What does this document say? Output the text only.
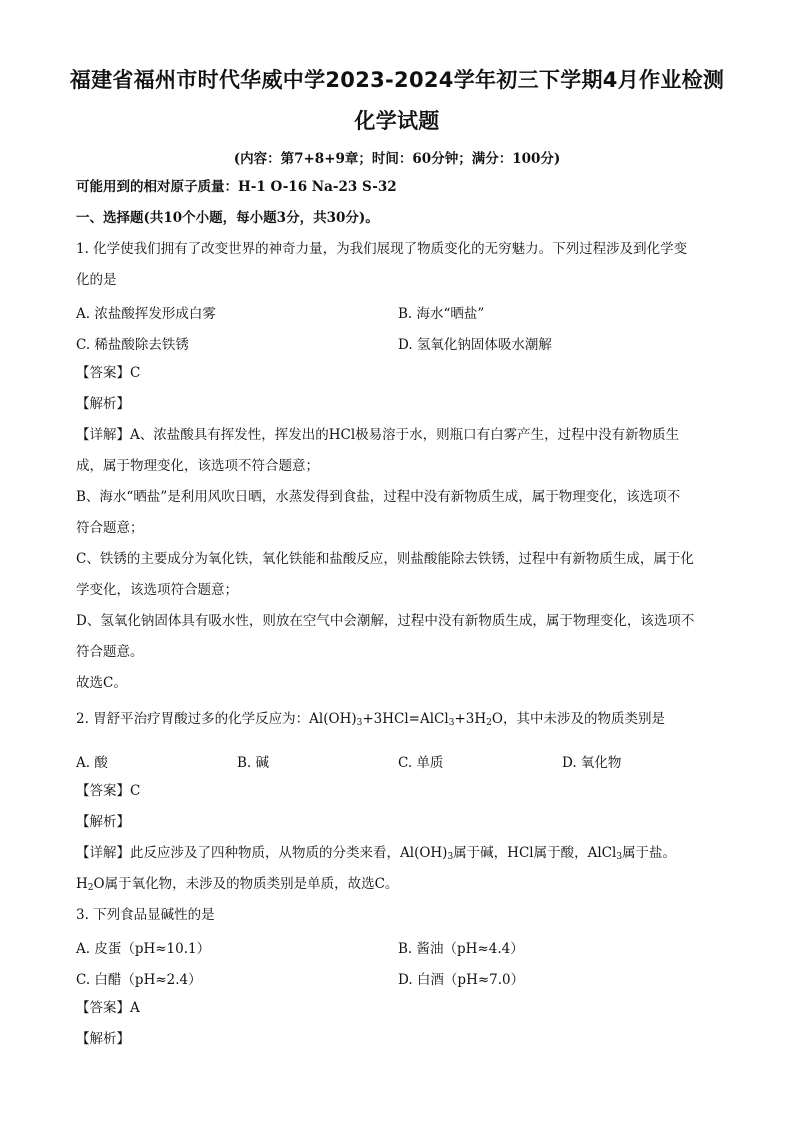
福建省福州市时代华威中学2023-2024学年初三下学期4月作业检测
化学试题
(内容：第7+8+9章；时间：60分钟；满分：100分)
可能用到的相对原子质量：H-1 O-16 Na-23 S-32
一、选择题(共10个小题，每小题3分，共30分)。
1. 化学使我们拥有了改变世界的神奇力量，为我们展现了物质变化的无穷魅力。下列过程涉及到化学变
化的是
A. 浓盐酸挥发形成白雾	B. 海水“晒盐”
C. 稀盐酸除去铁锈	D. 氢氧化钠固体吸水潮解
【答案】C
【解析】
【详解】A、浓盐酸具有挥发性，挥发出的HCl极易溶于水，则瓶口有白雾产生，过程中没有新物质生
成，属于物理变化，该选项不符合题意；
B、海水“晒盐”是利用风吹日晒，水蒸发得到食盐，过程中没有新物质生成，属于物理变化，该选项不
符合题意；
C、铁锈的主要成分为氧化铁，氧化铁能和盐酸反应，则盐酸能除去铁锈，过程中有新物质生成，属于化
学变化，该选项符合题意；
D、氢氧化钠固体具有吸水性，则放在空气中会潮解，过程中没有新物质生成，属于物理变化，该选项不
符合题意。
故选C。
2. 胃舒平治疗胃酸过多的化学反应为：$Al(OH)_3+3HCl=AlCl_3+3H_2O$，其中未涉及的物质类别是
A. 酸	B. 碱	C. 单质	D. 氧化物
【答案】C
【解析】
【详解】此反应涉及了四种物质，从物质的分类来看，$Al(OH)_3$属于碱，HCl属于酸，AlCl$_3$属于盐。
$H_2O$属于氧化物，未涉及的物质类别是单质，故选C。
3. 下列食品显碱性的是
A. 皮蛋（pH≈10.1）	B. 酱油（pH≈4.4）
C. 白醋（pH≈2.4）	D. 白酒（pH≈7.0）
【答案】A
【解析】
